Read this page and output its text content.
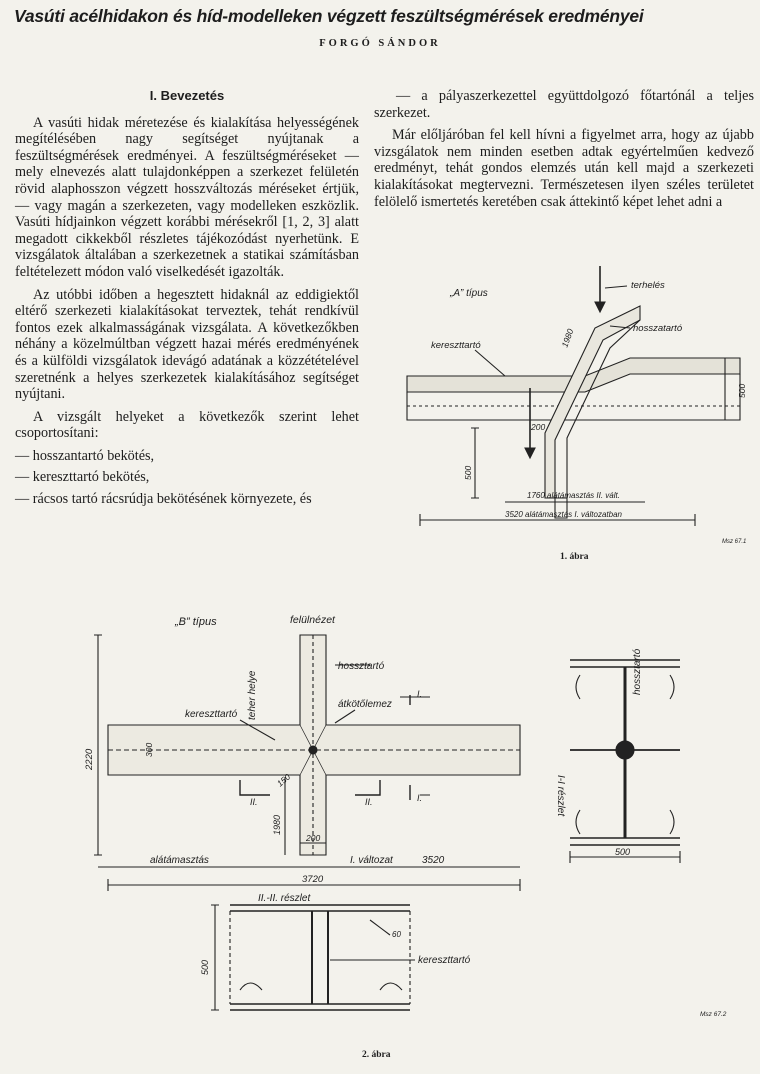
Vasúti acélhidakon és híd-modelleken végzett feszültségmérések eredményei
FORGÓ SÁNDOR
I. Bevezetés

A vasúti hidak méretezése és kialakítása helyességének megítélésében nagy segítséget nyújtanak a feszültségmérések eredményei. A feszültségméréseket — mely elnevezés alatt tulajdonképpen a szerkezet felületén rövid alaphosszon végzett hosszváltozás méréseket értjük, — vagy magán a szerkezeten, vagy modelleken eszközlik. Vasúti hídjainkon végzett korábbi mérésekről [1, 2, 3] alatt megadott cikkekből részletes tájékozódást nyerhetünk. E vizsgálatok általában a szerkezetnek a statikai számításban feltételezett módon való viselkedését igazolták.

Az utóbbi időben a hegesztett hidaknál az eddigiektől eltérő szerkezeti kialakításokat terveztek, tehát rendkívül fontos ezek alkalmasságának vizsgálata. A következőkben néhány a közelmúltban végzett hazai mérés eredményének és a külföldi vizsgálatok idevágó adatának a közzétételével szeretnénk a helyes szerkezetek kialakításához segítséget nyújtani.

A vizsgált helyeket a következők szerint lehet csoportosítani:

— hosszantartó bekötés,

— kereszttartó bekötés,

— rácsos tartó rácsrúdja bekötésének környezete, és

— a pályaszerkezettel együttdolgozó főtartónál a teljes szerkezet.

Már előljáróban fel kell hívni a figyelmet arra, hogy az újabb vizsgálatok nem minden esetben adtak egyértelműen kedvező eredményt, tehát gondos elemzés után kell majd a szerkezeti kialakításokat megtervezni. Természetesen ilyen széles területet felölelő ismertetés keretében csak áttekintő képet lehet adni a

„A” típus
terhelés
hosszatartó
kereszttartó	1980
500
200
500
1760 alátámasztás II. vált.
3520 alátámasztás I. változatban
Msz 67.1
1. ábra
„B” típus	felülnézet
hossztartó
kereszttartó teher helye	átkötőlemez
2220	300
150
1980
200
alátámasztás	I. változat	3520
3720
II.	II.
I.
I.	I-I részlet
hossztartó
500
II.-II. részlet
kereszttartó
500
60
Msz 67.2
2. ábra
